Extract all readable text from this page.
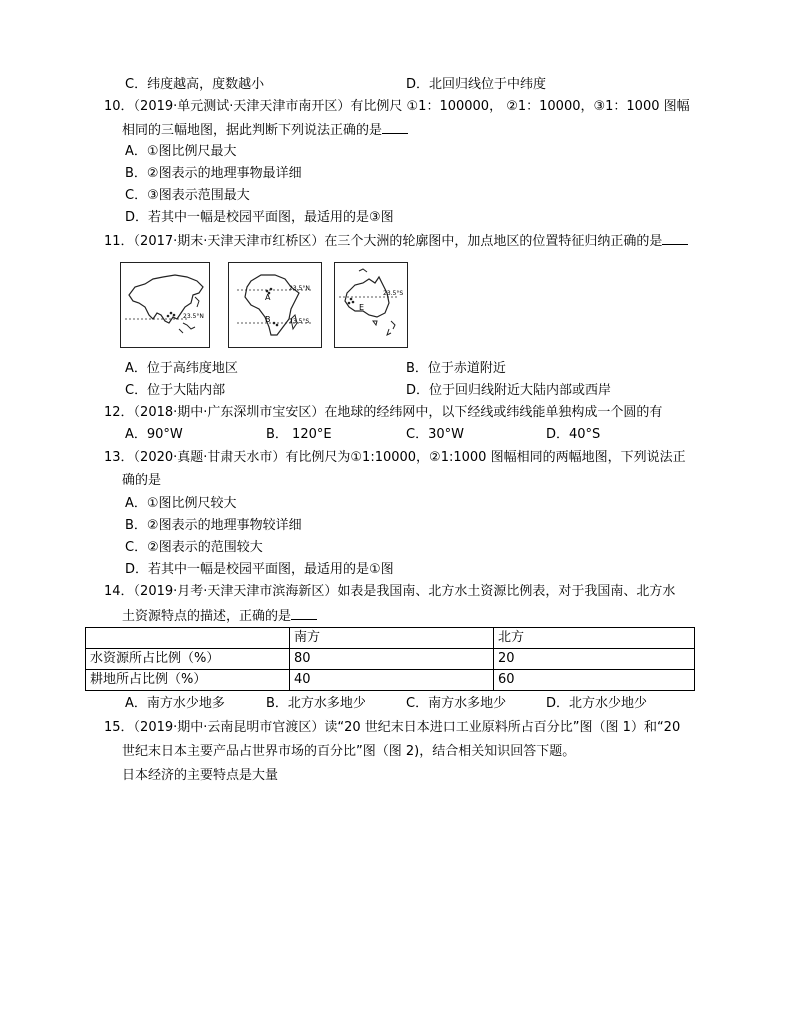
C．纬度越高，度数越小	D．北回归线位于中纬度
10．（2019·单元测试·天津天津市南开区）有比例尺 ①1：100000， ②1：10000，③1：1000 图幅
相同的三幅地图，据此判断下列说法正确的是
A．①图比例尺最大
B．②图表示的地理事物最详细
C．③图表示范围最大
D．若其中一幅是校园平面图，最适用的是③图
11．（2017·期末·天津天津市红桥区）在三个大洲的轮廓图中，加点地区的位置特征归纳正确的是
23.5°N
A
B
23.5°N
23.5°S
E
23.5°S
A．位于高纬度地区	B．位于赤道附近
C．位于大陆内部	D．位于回归线附近大陆内部或西岸
12．（2018·期中·广东深圳市宝安区）在地球的经纬网中，以下经线或纬线能单独构成一个圆的有
A．90°W	B． 120°E	C．30°W	D．40°S
13．（2020·真题·甘肃天水市）有比例尺为①1:10000，②1:1000 图幅相同的两幅地图，下列说法正
确的是
A．①图比例尺较大
B．②图表示的地理事物较详细
C．②图表示的范围较大
D．若其中一幅是校园平面图，最适用的是①图
14．（2019·月考·天津天津市滨海新区）如表是我国南、北方水土资源比例表，对于我国南、北方水
土资源特点的描述，正确的是
	南方	北方
水资源所占比例（%）	80	20
耕地所占比例（%）	40	60
A．南方水少地多	B．北方水多地少	C．南方水多地少	D．北方水少地少
15．（2019·期中·云南昆明市官渡区）读“20 世纪末日本进口工业原料所占百分比”图（图 1）和“20
世纪末日本主要产品占世界市场的百分比”图（图 2)，结合相关知识回答下题。
日本经济的主要特点是大量
